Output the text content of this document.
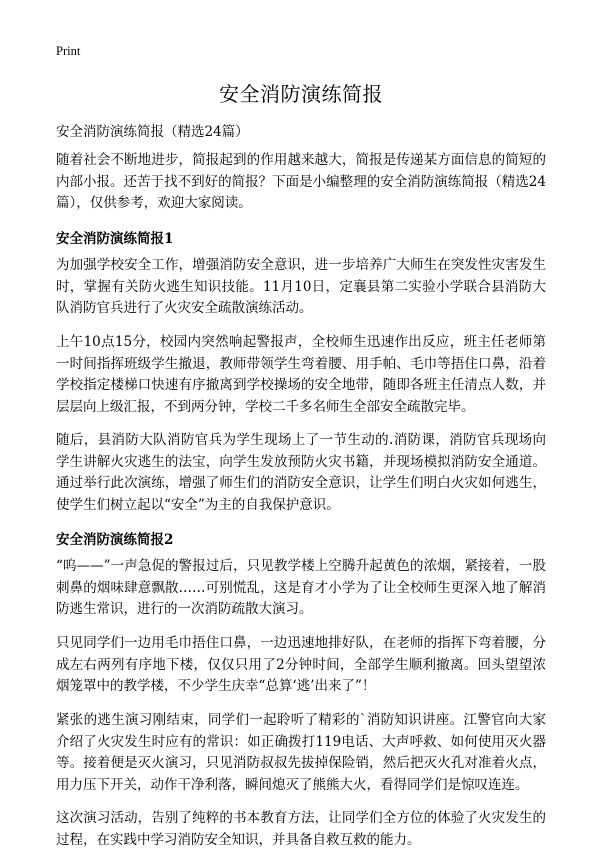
Print
安全消防演练简报

安全消防演练简报（精选24篇）

随着社会不断地进步，简报起到的作用越来越大，简报是传递某方面信息的简短的内部小报。还苦于找不到好的简报？下面是小编整理的安全消防演练简报（精选24篇），仅供参考，欢迎大家阅读。

安全消防演练简报1

为加强学校安全工作，增强消防安全意识，进一步培养广大师生在突发性灾害发生时，掌握有关防火逃生知识技能。11月10日，定襄县第二实验小学联合县消防大队消防官兵进行了火灾安全疏散演练活动。

上午10点15分，校园内突然响起警报声，全校师生迅速作出反应，班主任老师第一时间指挥班级学生撤退，教师带领学生弯着腰、用手帕、毛巾等捂住口鼻，沿着学校指定楼梯口快速有序撤离到学校操场的安全地带，随即各班主任清点人数，并层层向上级汇报，不到两分钟，学校二千多名师生全部安全疏散完毕。

随后，县消防大队消防官兵为学生现场上了一节生动的.消防课，消防官兵现场向学生讲解火灾逃生的法宝，向学生发放预防火灾书籍，并现场模拟消防安全通道。通过举行此次演练，增强了师生们的消防安全意识，让学生们明白火灾如何逃生，使学生们树立起以“安全”为主的自我保护意识。

安全消防演练简报2

“呜——”一声急促的警报过后，只见教学楼上空腾升起黄色的浓烟，紧接着，一股刺鼻的烟味肆意飘散……可别慌乱，这是育才小学为了让全校师生更深入地了解消防逃生常识，进行的一次消防疏散大演习。

只见同学们一边用毛巾捂住口鼻，一边迅速地排好队，在老师的指挥下弯着腰，分成左右两列有序地下楼，仅仅只用了2分钟时间，全部学生顺利撤离。回头望望浓烟笼罩中的教学楼，不少学生庆幸“总算‘逃’出来了”！

紧张的逃生演习刚结束，同学们一起聆听了精彩的`消防知识讲座。江警官向大家介绍了火灾发生时应有的常识：如正确拨打119电话、大声呼救、如何使用灭火器等。接着便是灭火演习，只见消防叔叔先拔掉保险销，然后把灭火孔对准着火点，用力压下开关，动作干净利落，瞬间熄灭了熊熊大火，看得同学们是惊叹连连。

这次演习活动，告别了纯粹的书本教育方法，让同学们全方位的体验了火灾发生的过程，在实践中学习消防安全知识，并具备自救互救的能力。
